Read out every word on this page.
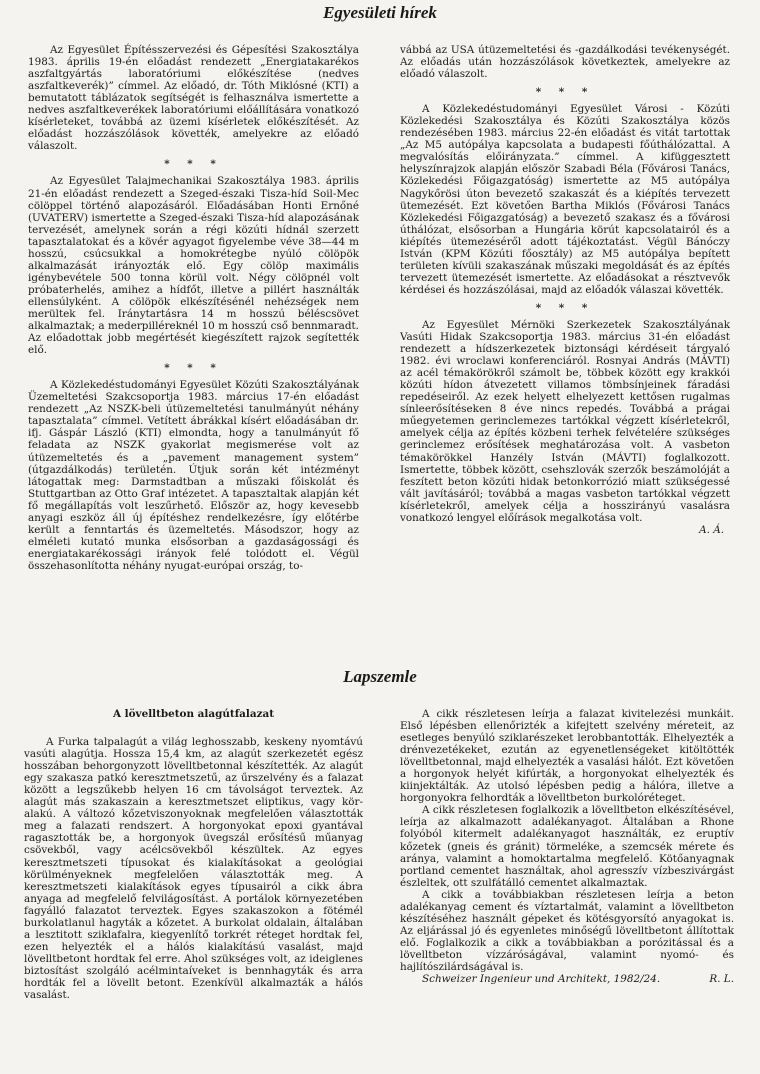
Egyesületi hírek

Az Egyesület Építésszervezési és Gépesítési Szakosztálya 1983. április 19-én előadást rendezett „Energiatakarékos aszfaltgyártás laboratóriumi előkészítése (nedves aszfaltkeverék)” címmel. Az előadó, dr. Tóth Miklósné (KTI) a bemutatott táblázatok segítségét is felhasználva ismertette a nedves aszfaltkeverékek laboratóriumi előállítására vonatkozó kísérleteket, továbbá az üzemi kísérletek előkészítését. Az előadást hozzászólások követték, amelyekre az előadó válaszolt.

* * *

Az Egyesület Talajmechanikai Szakosztálya 1983. április 21-én előadást rendezett a Szeged-északi Tisza-híd Soil-Mec cölöppel történő alapozásáról. Előadásában Honti Ernőné (UVATERV) ismertette a Szeged-északi Tisza-híd alapozásának tervezését, amelynek során a régi közúti hídnál szerzett tapasztalatokat és a kövér agyagot figyelembe véve 38—44 m hosszú, csúcsukkal a homokrétegbe nyúló cölöpök alkalmazását irányozták elő. Egy cölöp maximális igénybevétele 500 tonna körül volt. Négy cölöpnél volt próbaterhelés, amihez a hídfőt, illetve a pillért használták ellensúlyként. A cölöpök elkészítésénél nehézségek nem merültek fel. Iránytartásra 14 m hosszú béléscsövet alkalmaztak; a mederpilléreknél 10 m hosszú cső bennmaradt. Az előadottak jobb megértését kiegészített rajzok segítették elő.

* * *

A Közlekedéstudományi Egyesület Közúti Szakosztályának Üzemeltetési Szakcsoportja 1983. március 17-én előadást rendezett „Az NSZK-beli útüzemeltetési tanulmányút néhány tapasztalata” címmel. Vetített ábrákkal kísért előadásában dr. ifj. Gáspár László (KTI) elmondta, hogy a tanulmányút fő feladata az NSZK gyakorlat megismerése volt az útüzemeltetés és a „pavement management system” (útgazdálkodás) területén. Útjuk során két intézményt látogattak meg: Darmstadtban a műszaki főiskolát és Stuttgartban az Otto Graf intézetet. A tapasztaltak alapján két fő megállapítás volt leszűrhető. Először az, hogy kevesebb anyagi eszköz áll új építéshez rendelkezésre, így előtérbe került a fenntartás és üzemeltetés. Másodszor, hogy az elméleti kutató munka elsősorban a gazdaságossági és energiatakarékossági irányok felé tolódott el. Végül összehasonlította néhány nyugat-európai ország, to-

vábbá az USA útüzemeltetési és -gazdálkodási tevékenységét. Az előadás után hozzászólások következtek, amelyekre az előadó válaszolt.

* * *

A Közlekedéstudományi Egyesület Városi - Közúti Közlekedési Szakosztálya és Közúti Szakosztálya közös rendezésében 1983. március 22-én előadást és vitát tartottak „Az M5 autópálya kapcsolata a budapesti főúthálózattal. A megvalósítás előirányzata.” címmel. A kifüggesztett helyszínrajzok alapján először Szabadi Béla (Fővárosi Tanács, Közlekedési Főigazgatóság) ismertette az M5 autópálya Nagykőrösi úton bevezető szakaszát és a kiépítés tervezett ütemezését. Ezt követően Bartha Miklós (Fővárosi Tanács Közlekedési Főigazgatóság) a bevezető szakasz és a fővárosi úthálózat, elsősorban a Hungária körút kapcsolatairól és a kiépítés ütemezéséről adott tájékoztatást. Végül Bánóczy István (KPM Közúti főosztály) az M5 autópálya bepített területen kívüli szakaszának műszaki megoldását és az építés tervezett ütemezését ismertette. Az előadásokat a résztvevők kérdései és hozzászólásai, majd az előadók válaszai követték.

* * *

Az Egyesület Mérnöki Szerkezetek Szakosztályának Vasúti Hidak Szakcsoportja 1983. március 31-én előadást rendezett a hídszerkezetek biztonsági kérdéseit tárgyaló 1982. évi wroclawi konferenciáról. Rosnyai András (MÁVTI) az acél témakörökről számolt be, többek között egy krakkói közúti hídon átvezetett villamos tömbsínjeinek fáradási repedéseiről. Az ezek helyett elhelyezett kettősen rugalmas sínleerősítéseken 8 éve nincs repedés. Továbbá a prágai műegyetemen gerinclemezes tartókkal végzett kísérletekről, amelyek célja az építés közbeni terhek felvételére szükséges gerinclemez erősítések meghatározása volt. A vasbeton témakörökkel Hanzély István (MÁVTI) foglalkozott. Ismertette, többek között, csehszlovák szerzők beszámolóját a feszített beton közúti hidak betonkorrózió miatt szükségessé vált javításáról; továbbá a magas vasbeton tartókkal végzett kísérletekről, amelyek célja a hosszirányú vasalásra vonatkozó lengyel előírások megalkotása volt.

A. Á.
Lapszemle
A lövelltbeton alagútfalazat

A Furka talpalagút a világ leghosszabb, keskeny nyomtávú vasúti alagútja. Hossza 15,4 km, az alagút szerkezetét egész hosszában behorgonyzott lövelltbetonnal készítették. Az alagút egy szakasza patkó keresztmetszetű, az űrszelvény és a falazat között a legszűkebb helyen 16 cm távolságot terveztek. Az alagút más szakaszain a keresztmetszet eliptikus, vagy kör-alakú. A változó kőzetviszonyoknak megfelelően választották meg a falazati rendszert. A horgonyokat epoxi gyantával ragasztották be, a horgonyok üvegszál erősítésű műanyag csövekből, vagy acélcsövekből készültek. Az egyes keresztmetszeti típusokat és kialakításokat a geológiai körülményeknek megfelelően választották meg. A keresztmetszeti kialakítások egyes típusairól a cikk ábra anyaga ad megfelelő felvilágosítást. A portálok környezetében fagyálló falazatot terveztek. Egyes szakaszokon a fötémél burkolatlanul hagyták a kőzetet. A burkolat oldalain, általában a lesztitott sziklafalra, kiegyenlítő torkrét réteget hordtak fel, ezen helyezték el a hálós kialakítású vasalást, majd lövelltbetont hordtak fel erre. Ahol szükséges volt, az ideiglenes biztosítást szolgáló acélmintaíveket is bennhagyták és arra hordták fel a lövellt betont. Ezenkívül alkalmazták a hálós vasalást.

A cikk részletesen leírja a falazat kivitelezési munkáit. Első lépésben ellenőrizték a kifejtett szelvény méreteit, az esetleges benyúló sziklarészeket lerobbantották. Elhelyezték a drénvezetékeket, ezután az egyenetlenségeket kitöltötték lövelltbetonnal, majd elhelyezték a vasalási hálót. Ezt követően a horgonyok helyét kifúrták, a horgonyokat elhelyezték és kiinjektálták. Az utolsó lépésben pedig a hálóra, illetve a horgonyokra felhordták a lövelltbeton burkolóréteget.

A cikk részletesen foglalkozik a lövelltbeton elkészítésével, leírja az alkalmazott adalékanyagot. Általában a Rhone folyóból kitermelt adalékanyagot használták, ez eruptív kőzetek (gneis és gránit) törmeléke, a szemcsék mérete és aránya, valamint a homoktartalma megfelelő. Kötőanyagnak portland cementet használtak, ahol agresszív vízbeszivárgást észleltek, ott szulfátálló cementet alkalmaztak.

A cikk a továbbiakban részletesen leírja a beton adalékanyag cement és víztartalmát, valamint a lövelltbeton készítéséhez használt gépeket és kötésgyorsító anyagokat is. Az eljárással jó és egyenletes minőségű lövelltbetont állítottak elő. Foglalkozik a cikk a továbbiakban a porózitással és a lövelltbeton vízzáróságával, valamint nyomó- és hajlítószilárdságával is.

Schweizer Ingenieur und Architekt, 1982/24.	R. L.
